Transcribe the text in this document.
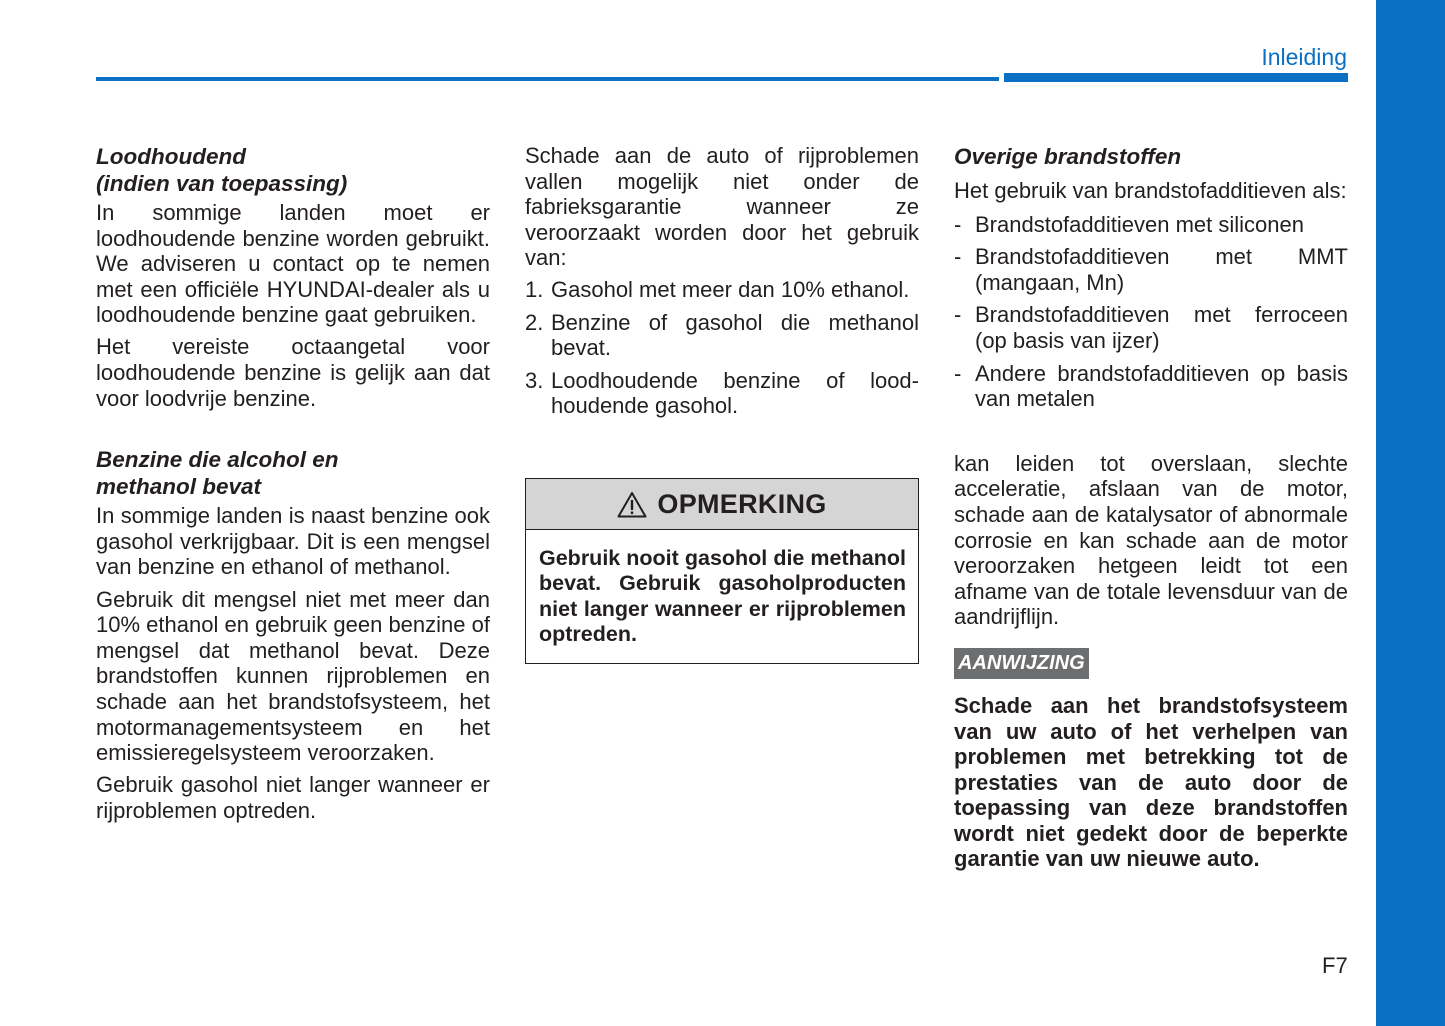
Inleiding
Loodhoudend
(indien van toepassing)

In sommige landen moet er loodhoudende benzine worden gebruikt. We adviseren u contact op te nemen met een officiële HYUNDAI-dealer als u loodhoudende benzine gaat gebruiken.

Het vereiste octaangetal voor loodhoudende benzine is gelijk aan dat voor loodvrije benzine.

Benzine die alcohol en
methanol bevat

In sommige landen is naast benzine ook gasohol verkrijgbaar. Dit is een mengsel van benzine en ethanol of methanol.

Gebruik dit mengsel niet met meer dan 10% ethanol en gebruik geen benzine of mengsel dat methanol bevat. Deze brandstoffen kunnen rijproblemen en schade aan het brandstofsysteem, het motormanagementsysteem en het emissieregelsysteem veroorzaken.

Gebruik gasohol niet langer wanneer er rijproblemen optreden.

Schade aan de auto of rijproblemen vallen mogelijk niet onder de fabrieksgarantie wanneer ze veroorzaakt worden door het gebruik van:

1. Gasohol met meer dan 10% ethanol.
2. Benzine of gasohol die methanol bevat.
3. Loodhoudende benzine of loodhoudende gasohol.
OPMERKING
Gebruik nooit gasohol die methanol bevat. Gebruik gasoholproducten niet langer wanneer er rijproblemen optreden.
Overige brandstoffen

Het gebruik van brandstofadditieven als:

- Brandstofadditieven met siliconen
- Brandstofadditieven met MMT (mangaan, Mn)
- Brandstofadditieven met ferroceen (op basis van ijzer)
- Andere brandstofadditieven op basis van metalen

kan leiden tot overslaan, slechte acceleratie, afslaan van de motor, schade aan de katalysator of abnormale corrosie en kan schade aan de motor veroorzaken hetgeen leidt tot een afname van de totale levensduur van de aandrijflijn.

AANWIJZING

Schade aan het brandstofsysteem van uw auto of het verhelpen van problemen met betrekking tot de prestaties van de auto door de toepassing van deze brandstoffen wordt niet gedekt door de beperkte garantie van uw nieuwe auto.

F7
